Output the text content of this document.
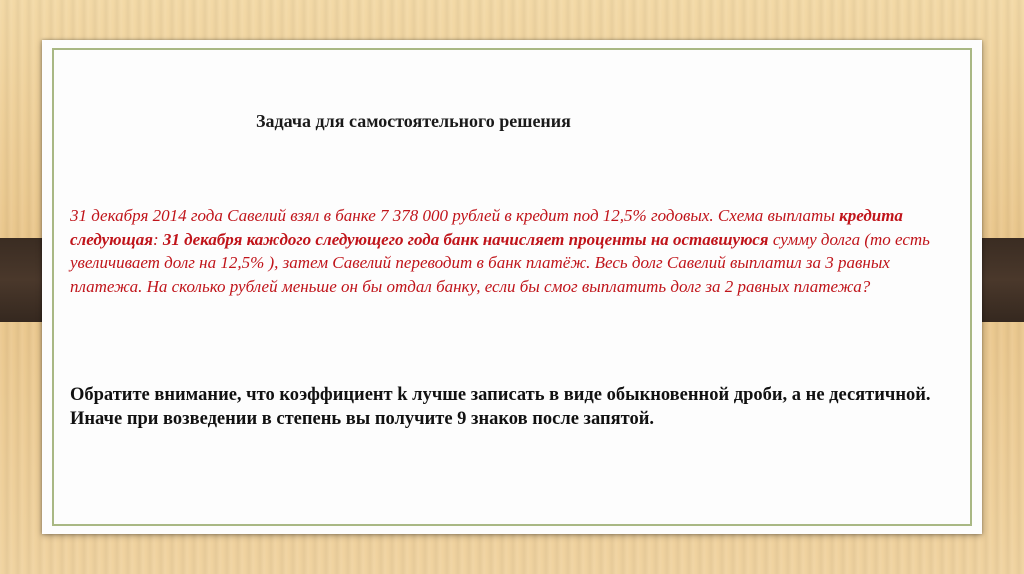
Задача для самостоятельного решения

31 декабря 2014 года Савелий взял в банке 7 378 000 рублей в кредит под 12,5% годовых. Схема выплаты кредита следующая: 31 декабря каждого следующего года банк начисляет проценты на оставшуюся сумму долга (то есть увеличивает долг на 12,5% ), затем Савелий переводит в банк платёж. Весь долг Савелий выплатил за 3 равных платежа. На сколько рублей меньше он бы отдал банку, если бы смог выплатить долг за 2 равных платежа?

Обратите внимание, что коэффициент k лучше записать в виде обыкновенной дроби, а не десятичной. Иначе при возведении в степень вы получите 9 знаков после запятой.
